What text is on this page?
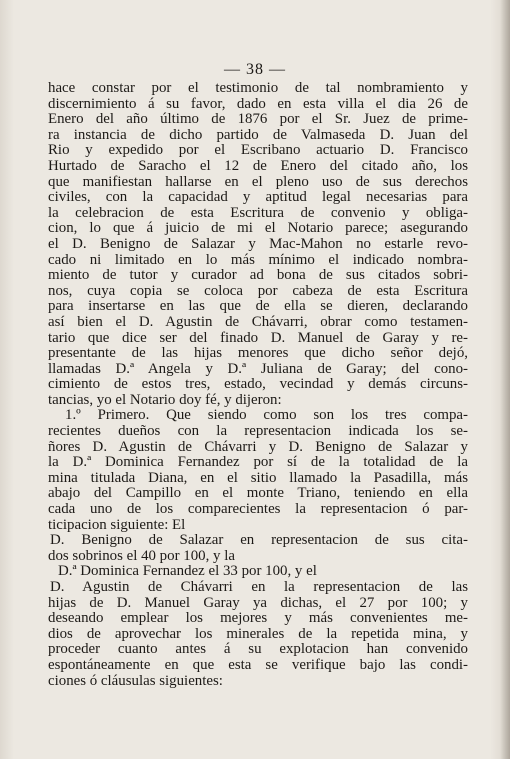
— 38 —
hace constar por el testimonio de tal nombramiento y
discernimiento á su favor, dado en esta villa el dia 26 de
Enero del año último de 1876 por el Sr. Juez de prime-
ra instancia de dicho partido de Valmaseda D. Juan del
Rio y expedido por el Escribano actuario D. Francisco
Hurtado de Saracho el 12 de Enero del citado año, los
que manifiestan hallarse en el pleno uso de sus derechos
civiles, con la capacidad y aptitud legal necesarias para
la celebracion de esta Escritura de convenio y obliga-
cion, lo que á juicio de mi el Notario parece; asegurando
el D. Benigno de Salazar y Mac-Mahon no estarle revo-
cado ni limitado en lo más mínimo el indicado nombra-
miento de tutor y curador ad bona de sus citados sobri-
nos, cuya copia se coloca por cabeza de esta Escritura
para insertarse en las que de ella se dieren, declarando
así bien el D. Agustin de Chávarri, obrar como testamen-
tario que dice ser del finado D. Manuel de Garay y re-
presentante de las hijas menores que dicho señor dejó,
llamadas D.ª Angela y D.ª Juliana de Garay; del cono-
cimiento de estos tres, estado, vecindad y demás circuns-
tancias, yo el Notario doy fé, y dijeron:
1.º Primero. Que siendo como son los tres compa-
recientes dueños con la representacion indicada los se-
ñores D. Agustin de Chávarri y D. Benigno de Salazar y
la D.ª Dominica Fernandez por sí de la totalidad de la
mina titulada Diana, en el sitio llamado la Pasadilla, más
abajo del Campillo en el monte Triano, teniendo en ella
cada uno de los comparecientes la representacion ó par-
ticipacion siguiente: El
D. Benigno de Salazar en representacion de sus cita-
dos sobrinos el 40 por 100, y la
D.ª Dominica Fernandez el 33 por 100, y el
D. Agustin de Chávarri en la representacion de las
hijas de D. Manuel Garay ya dichas, el 27 por 100; y
deseando emplear los mejores y más convenientes me-
dios de aprovechar los minerales de la repetida mina, y
proceder cuanto antes á su explotacion han convenido
espontáneamente en que esta se verifique bajo las condi-
ciones ó cláusulas siguientes:
